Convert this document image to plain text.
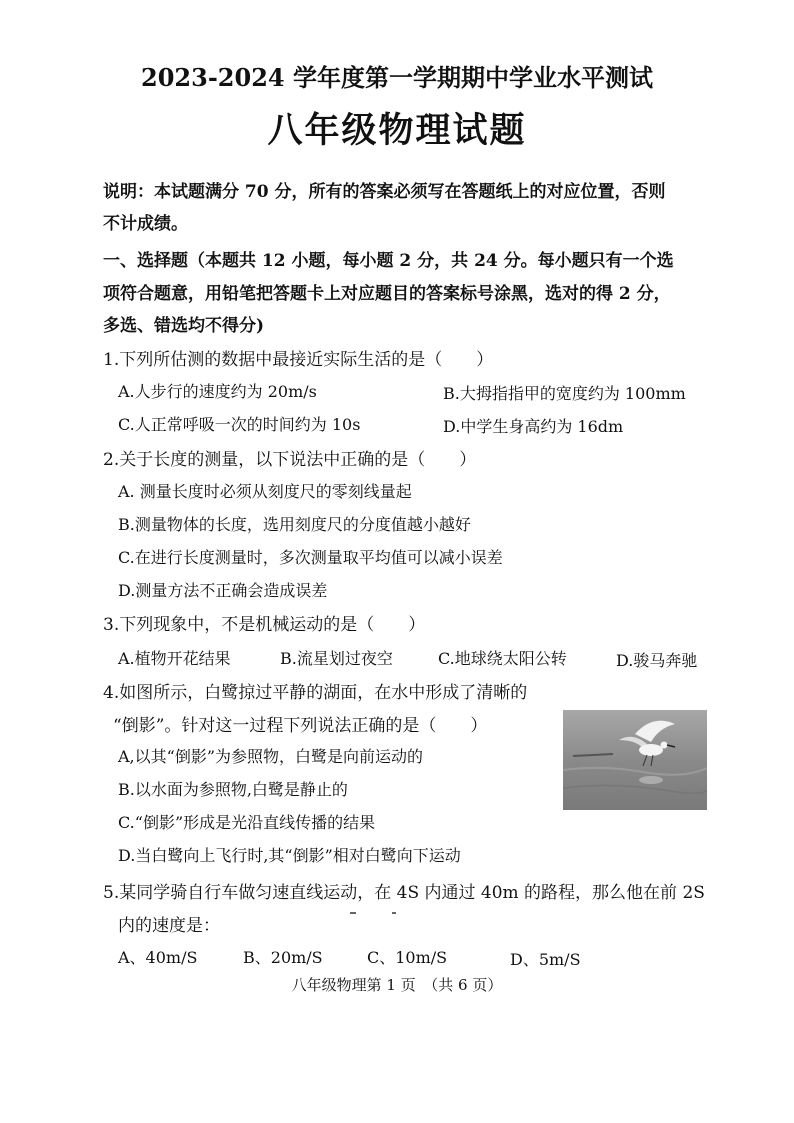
2023-2024 学年度第一学期期中学业水平测试
八年级物理试题
说明：本试题满分 70 分，所有的答案必须写在答题纸上的对应位置，否则
不计成绩。
一、选择题（本题共 12 小题，每小题 2 分，共 24 分。每小题只有一个选
项符合题意，用铅笔把答题卡上对应题目的答案标号涂黑，选对的得 2 分，
多选、错选均不得分)
1.下列所估测的数据中最接近实际生活的是（　　）
A.人步行的速度约为 20m/s	B.大拇指指甲的宽度约为 100mm
C.人正常呼吸一次的时间约为 10s	D.中学生身高约为 16dm
2.关于长度的测量，以下说法中正确的是（　　）
A. 测量长度时必须从刻度尺的零刻线量起
B.测量物体的长度，选用刻度尺的分度值越小越好
C.在进行长度测量时，多次测量取平均值可以减小误差
D.测量方法不正确会造成误差
3.下列现象中，不是机械运动的是（　　）
A.植物开花结果	B.流星划过夜空	C.地球绕太阳公转	D.骏马奔驰
4.如图所示，白鹭掠过平静的湖面，在水中形成了清晰的
“倒影”。针对这一过程下列说法正确的是（　　）
A,以其“倒影”为参照物，白鹭是向前运动的
B.以水面为参照物,白鹭是静止的
C.“倒影”形成是光沿直线传播的结果
D.当白鹭向上飞行时,其“倒影”相对白鹭向下运动
5.某同学骑自行车做匀速直线运动，在 4S 内通过 40m 的路程，那么他在前 2S
内的速度是：
A、40m/S	B、20m/S	C、10m/S	D、5m/S
八年级物理第 1 页　（共 6 页）
